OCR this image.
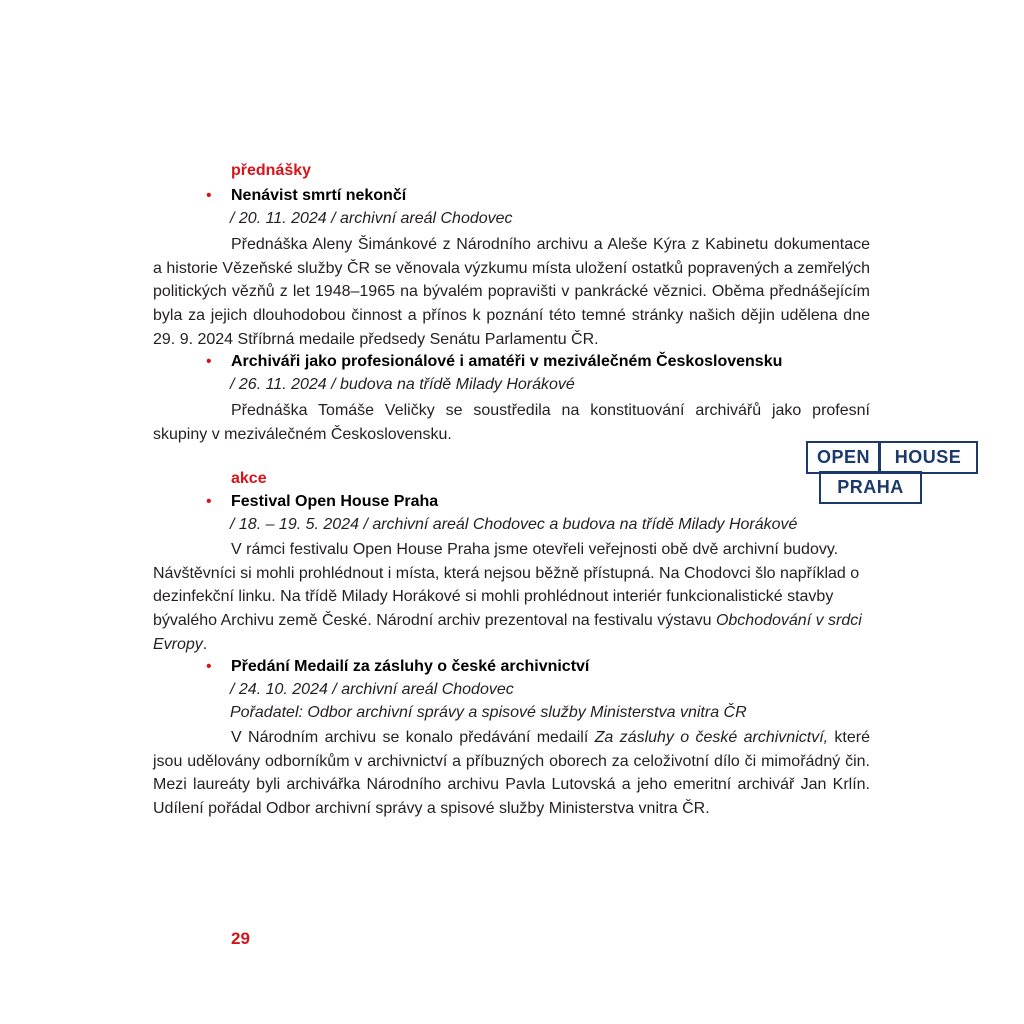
přednášky
• Nenávist smrtí nekončí
/ 20. 11. 2024 / archivní areál Chodovec
Přednáška Aleny Šimánkové z Národního archivu a Aleše Kýra z Kabinetu dokumentace a historie Vězeňské služby ČR se věnovala výzkumu místa uložení ostatků popravených a zemřelých politických vězňů z let 1948–1965 na bývalém popravišti v pankrácké věznici. Oběma přednášejícím byla za jejich dlouhodobou činnost a přínos k poznání této temné stránky našich dějin udělena dne 29. 9. 2024 Stříbrná medaile předsedy Senátu Parlamentu ČR.
• Archiváři jako profesionálové i amatéři v meziválečném Československu
/ 26. 11. 2024 / budova na třídě Milady Horákové
Přednáška Tomáše Veličky se soustředila na konstituování archivářů jako profesní skupiny v meziválečném Československu.
OPEN	HOUSE
PRAHA
akce
• Festival Open House Praha
/ 18. – 19. 5. 2024 / archivní areál Chodovec a budova na třídě Milady Horákové
V rámci festivalu Open House Praha jsme otevřeli veřejnosti obě dvě archivní budovy. Návštěvníci si mohli prohlédnout i místa, která nejsou běžně přístupná. Na Chodovci šlo například o dezinfekční linku. Na třídě Milady Horákové si mohli prohlédnout interiér funkcionalistické stavby bývalého Archivu země České. Národní archiv prezentoval na festivalu výstavu Obchodování v srdci Evropy.
• Předání Medailí za zásluhy o české archivnictví
/ 24. 10. 2024 / archivní areál Chodovec
Pořadatel: Odbor archivní správy a spisové služby Ministerstva vnitra ČR
V Národním archivu se konalo předávání medailí Za zásluhy o české archivnictví, které jsou udělovány odborníkům v archivnictví a příbuzných oborech za celoživotní dílo či mimořádný čin. Mezi laureáty byli archivářka Národního archivu Pavla Lutovská a jeho emeritní archivář Jan Krlín. Udílení pořádal Odbor archivní správy a spisové služby Ministerstva vnitra ČR.
29
